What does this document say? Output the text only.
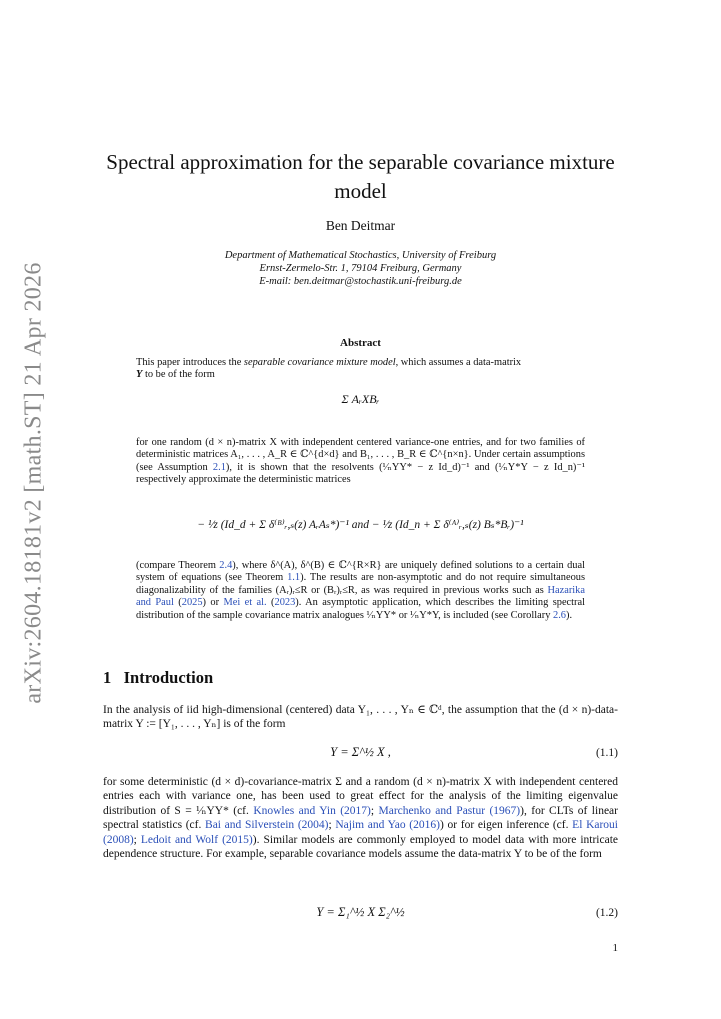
arXiv:2604.18181v2 [math.ST] 21 Apr 2026
Spectral approximation for the separable covariance mixture
model
Ben Deitmar
Department of Mathematical Stochastics, University of Freiburg
Ernst-Zermelo-Str. 1, 79104 Freiburg, Germany
E-mail: ben.deitmar@stochastik.uni-freiburg.de
Abstract
This paper introduces the separable covariance mixture model, which assumes a data-matrix
Y to be of the form
Σ AᵣXBᵣ
for one random (d × n)-matrix X with independent centered variance-one entries, and for two families of deterministic matrices A₁, . . . , A_R ∈ ℂ^{d×d} and B₁, . . . , B_R ∈ ℂ^{n×n}. Under certain assumptions (see Assumption 2.1), it is shown that the resolvents (¹⁄ₙYY* − z Id_d)⁻¹ and (¹⁄ₙY*Y − z Id_n)⁻¹ respectively approximate the deterministic matrices
− ¹⁄z (Id_d + Σ δ⁽ᴮ⁾ᵣ,ₛ(z) AᵣAₛ*)⁻¹ and − ¹⁄z (Id_n + Σ δ⁽ᴬ⁾ᵣ,ₛ(z) Bₛ*Bᵣ)⁻¹
(compare Theorem 2.4), where δ^(A), δ^(B) ∈ ℂ^{R×R} are uniquely defined solutions to a certain dual system of equations (see Theorem 1.1). The results are non-asymptotic and do not require simultaneous diagonalizability of the families (Aᵣ)ᵣ≤R or (Bᵣ)ᵣ≤R, as was required in previous works such as Hazarika and Paul (2025) or Mei et al. (2023). An asymptotic application, which describes the limiting spectral distribution of the sample covariance matrix analogues ¹⁄ₙYY* or ¹⁄ₙY*Y, is included (see Corollary 2.6).
1 Introduction
In the analysis of iid high-dimensional (centered) data Y₁, . . . , Yₙ ∈ ℂᵈ, the assumption that the (d × n)-data-matrix Y := [Y₁, . . . , Yₙ] is of the form
Y = Σ^½ X ,	(1.1)
for some deterministic (d × d)-covariance-matrix Σ and a random (d × n)-matrix X with independent centered entries each with variance one, has been used to great effect for the analysis of the limiting eigenvalue distribution of S = ¹⁄ₙYY* (cf. Knowles and Yin (2017); Marchenko and Pastur (1967)), for CLTs of linear spectral statistics (cf. Bai and Silverstein (2004); Najim and Yao (2016)) or for eigen inference (cf. El Karoui (2008); Ledoit and Wolf (2015)). Similar models are commonly employed to model data with more intricate dependence structure. For example, separable covariance models assume the data-matrix Y to be of the form
Y = Σ₁^½ X Σ₂^½	(1.2)
1
